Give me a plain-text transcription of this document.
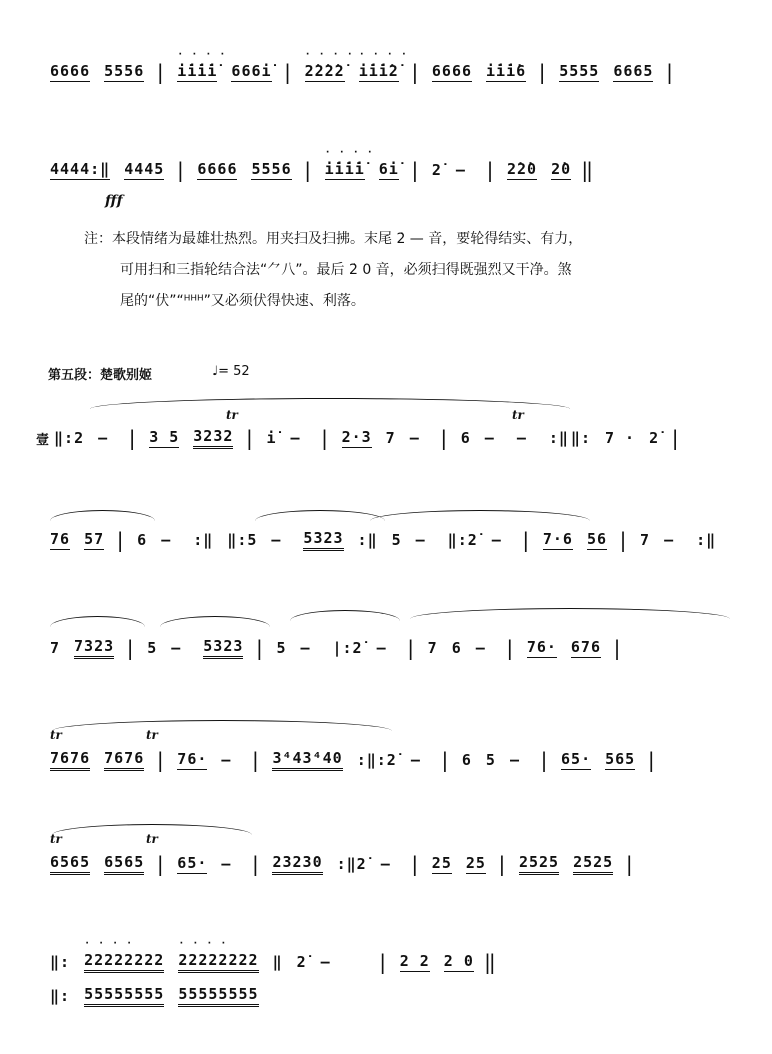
6666 5556 | · · · · i̇i̇i̇i̇ 666i̇ | · · · · 2̇2̇2̇2̇ · · · · i̇i̇i̇2̇ | 6666 i̇i̇i̇6 | 5555 6665 |
4444:‖ 4445 | 6666 5556 | · · · · i̇i̇i̇i̇ 6i̇ | 2̇ — | 2̇2̇0 2̇0 ‖
fff

注：本段情绪为最雄壮热烈。用夹扫及扫拂。末尾 2̇ — 音，要轮得结实、有力，

可用扫和三指轮结合法“⺈八”。最后 2̇ 0 音，必须扫得既强烈又干净。煞

尾的“伏”“ᴴᴴᴴ”又必须伏得快速、利落。

第五段：楚歌别姬	♩= 52
tr	tr
壹 ‖:2 — | 3 5 3232 | i̇ — | 2·3 7 — | 6 — — :‖ ‖: 7 · 2̇ |
76 57 | 6 — :‖ ‖:5 — 5323 :‖ 5 — ‖:2̇ — | 7·6 56 | 7 — :‖
7 7323 | 5 — 5323 | 5 — |:2̇ — | 7 6 — | 76· 676 |
tr	tr
7676 7676 | 76· — | 3⁴43⁴40 :‖:2̇ — | 6 5 — | 65· 565 |
tr	tr
6565 6565 | 65· — | 23230 :‖2̇ — | 25 25 | 2525 2525 |
‖: · · · · 22222222 · · · · 22222222 ‖ 2̇ — | 2 2 2 0 ‖
‖: 55555555 55555555
